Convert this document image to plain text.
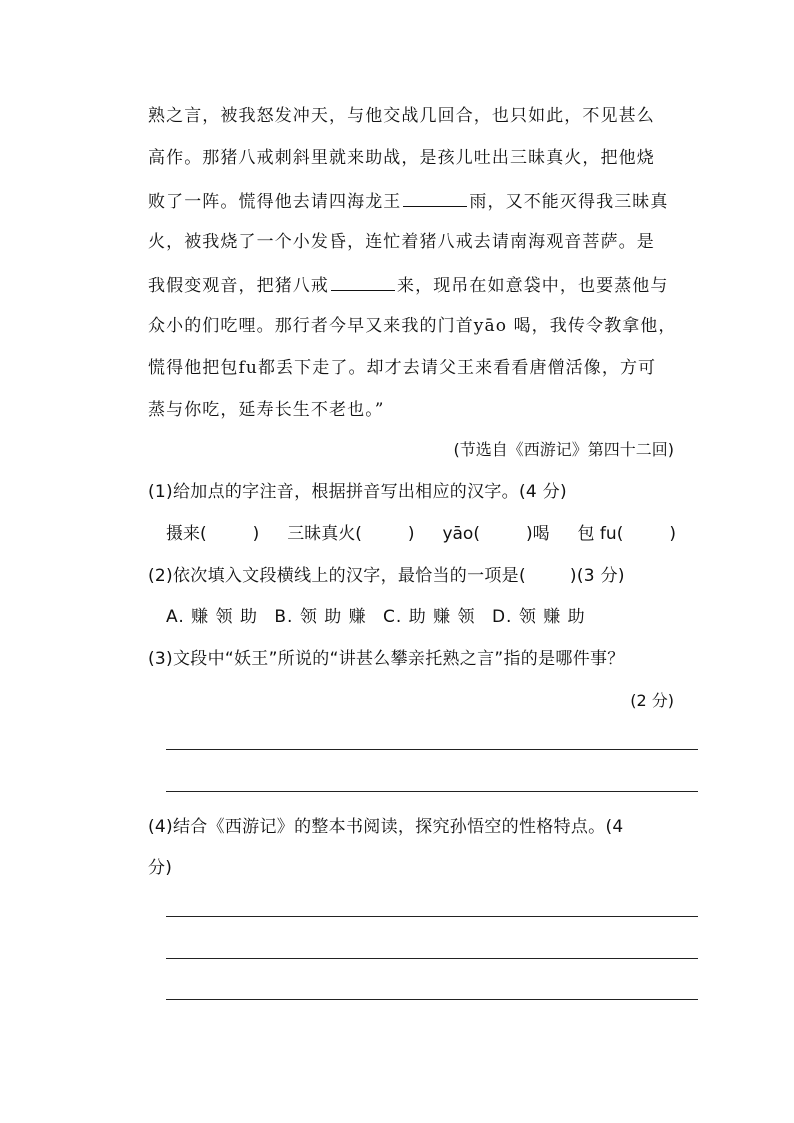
熟之言，被我怒发冲天，与他交战几回合，也只如此，不见甚么
高作。那猪八戒刺斜里就来助战，是孩儿吐出三昧真火，把他烧
败了一阵。慌得他去请四海龙王	雨，又不能灭得我三昧真
火，被我烧了一个小发昏，连忙着猪八戒去请南海观音菩萨。是
我假变观音，把猪八戒	来，现吊在如意袋中，也要蒸他与
众小的们吃哩。那行者今早又来我的门首yāo 喝，我传令教拿他，
慌得他把包fu都丢下走了。却才去请父王来看看唐僧活像，方可
蒸与你吃，延寿长生不老也。”
(节选自《西游记》第四十二回)
(1)给加点的字注音，根据拼音写出相应的汉字。(4 分)
摄来(	) 三昧真火(	) yāo(	)喝 包 fu(	)
(2)依次填入文段横线上的汉字，最恰当的一项是(	)(3 分)
A. 赚 领 助 B. 领 助 赚 C. 助 赚 领 D. 领 赚 助
(3)文段中“妖王”所说的“讲甚么攀亲托熟之言”指的是哪件事？
(2 分)
(4)结合《西游记》的整本书阅读，探究孙悟空的性格特点。(4
分)
